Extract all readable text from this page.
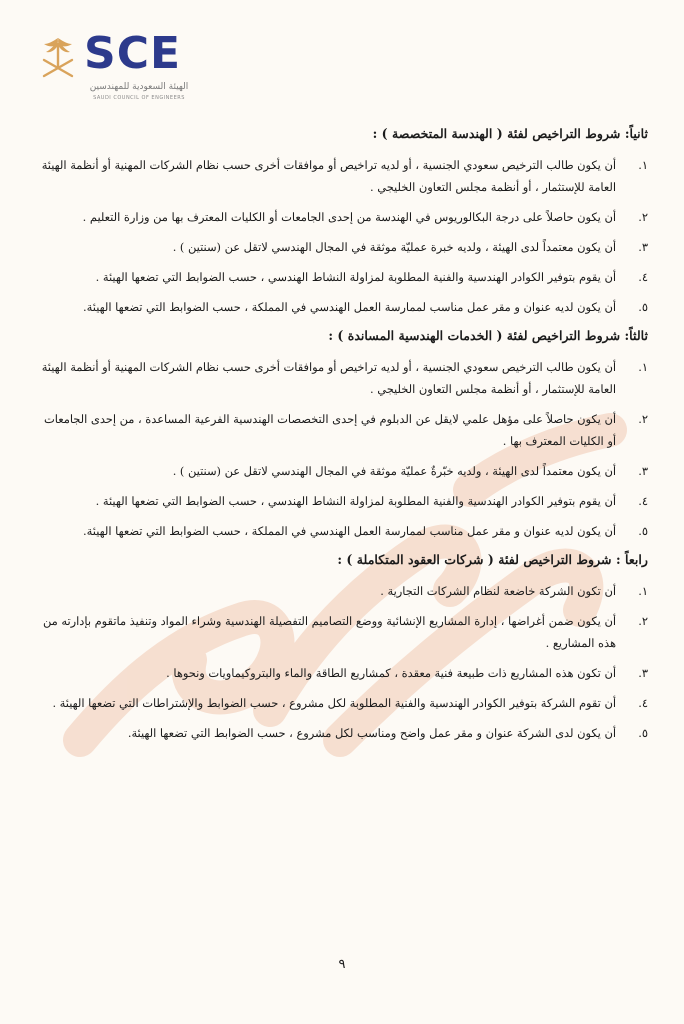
SCE
الهيئة السعودية للمهندسين
SAUDI COUNCIL OF ENGINEERS
ثانياً: شروط التراخيص لفئة ( الهندسة المتخصصة ) :
١.
أن يكون طالب الترخيص سعودي الجنسية ، أو لديه تراخيص أو موافقات أخرى حسب نظام الشركات المهنية أو أنظمة الهيئة العامة للإستثمار ، أو أنظمة مجلس التعاون الخليجي .
٢.
أن يكون حاصلاً على درجة البكالوريوس في الهندسة من إحدى الجامعات أو الكليات المعترف بها من وزارة التعليم .
٣.
أن يكون معتمداً لدى الهيئة ، ولديه خبرة عمليّة موثقة في المجال الهندسي لاتقل عن (سنتين ) .
٤.
أن يقوم بتوفير الكوادر الهندسية والفنية المطلوبة لمزاولة النشاط الهندسي ، حسب الضوابط التي تضعها الهيئة .
٥.
أن يكون لديه عنوان و مقر عمل مناسب لممارسة العمل الهندسي في المملكة ، حسب الضوابط التي تضعها الهيئة.
ثالثاً: شروط التراخيص لفئة ( الخدمات الهندسية المساندة ) :
١.
أن يكون طالب الترخيص سعودي الجنسية ، أو لديه تراخيص أو موافقات أخرى حسب نظام الشركات المهنية أو أنظمة الهيئة العامة للإستثمار ، أو أنظمة مجلس التعاون الخليجي .
٢.
أن يكون حاصلاً على مؤهل علمي لايقل عن الدبلوم في إحدى التخصصات الهندسية الفرعية المساعدة ، من إحدى الجامعات أو الكليات المعترف بها .
٣.
أن يكون معتمداً لدى الهيئة ، ولديه خبّرةٌ عمليّة موثقة في المجال الهندسي لاتقل عن (سنتين ) .
٤.
أن يقوم بتوفير الكوادر الهندسية والفنية المطلوبة لمزاولة النشاط الهندسي ، حسب الضوابط التي تضعها الهيئة .
٥.
أن يكون لديه عنوان و مقر عمل مناسب لممارسة العمل الهندسي في المملكة ، حسب الضوابط التي تضعها الهيئة.
رابعاً : شروط التراخيص لفئة ( شركات العقود المتكاملة ) :
١.
أن تكون الشركة خاضعة لنظام الشركات التجارية .
٢.
أن يكون ضمن أغراضها ، إدارة المشاريع الإنشائية ووضع التصاميم التفصيلة الهندسية وشراء المواد وتنفيذ ماتقوم بإدارته من هذه المشاريع .
٣.
أن تكون هذه المشاريع ذات طبيعة فنية معقدة ، كمشاريع الطاقة والماء والبتروكيماويات ونحوها .
٤.
أن تقوم الشركة بتوفير الكوادر الهندسية والفنية المطلوبة لكل مشروع ، حسب الضوابط والإشتراطات التي تضعها الهيئة .
٥.
أن يكون لدى الشركة عنوان و مقر عمل واضح ومناسب لكل مشروع ، حسب الضوابط التي تضعها الهيئة.
٩
